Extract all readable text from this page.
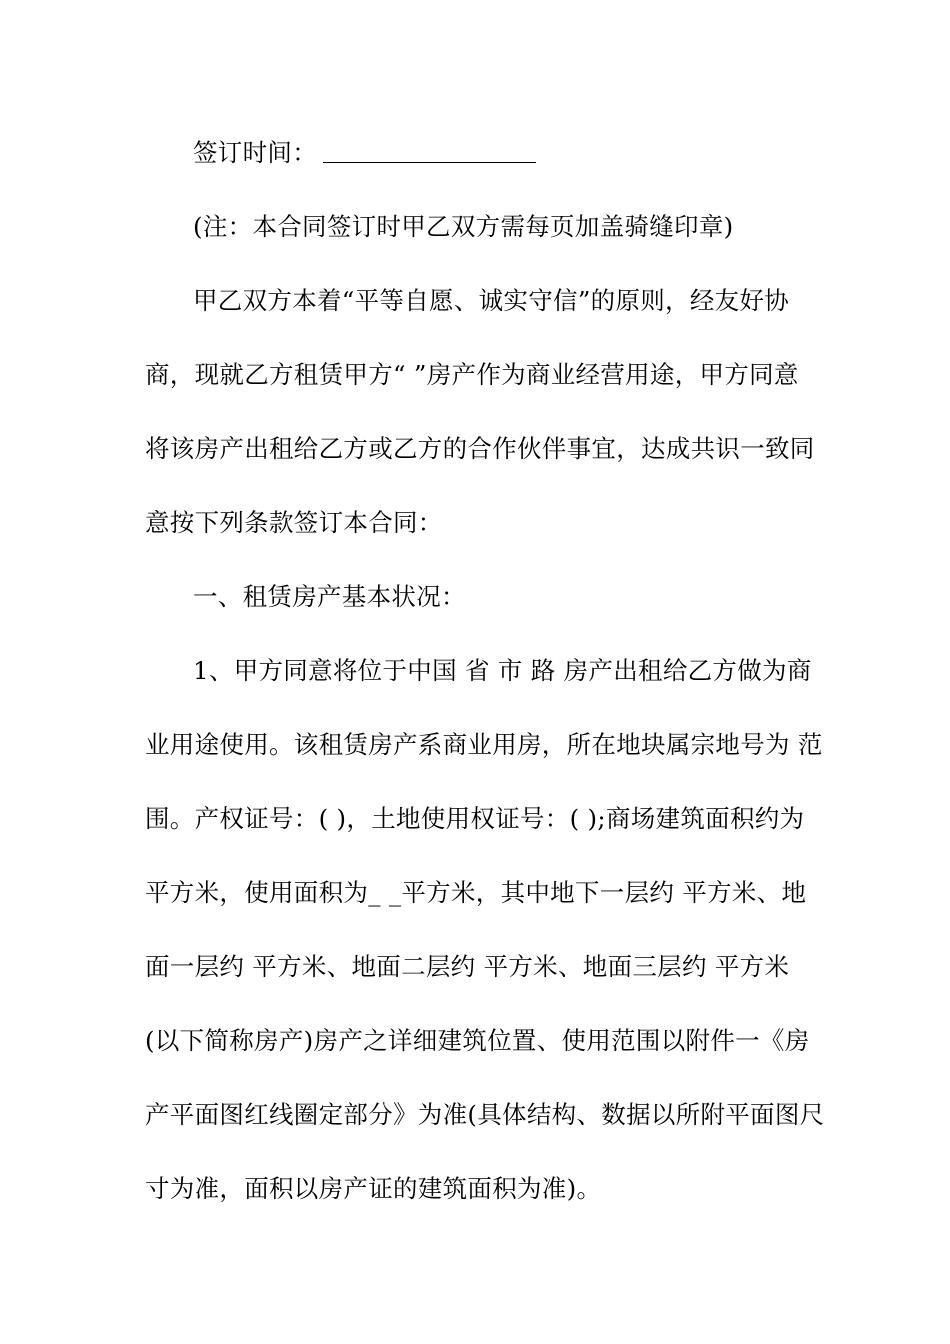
签订时间：
(注：本合同签订时甲乙双方需每页加盖骑缝印章)
甲乙双方本着“平等自愿、诚实守信”的原则，经友好协
商，现就乙方租赁甲方“ ”房产作为商业经营用途，甲方同意
将该房产出租给乙方或乙方的合作伙伴事宜，达成共识一致同
意按下列条款签订本合同：
一、租赁房产基本状况：
1、甲方同意将位于中国 省 市 路 房产出租给乙方做为商
业用途使用。该租赁房产系商业用房，所在地块属宗地号为 范
围。产权证号：( )，土地使用权证号：( );商场建筑面积约为
平方米，使用面积为_ _平方米，其中地下一层约 平方米、地
面一层约 平方米、地面二层约 平方米、地面三层约 平方米
(以下简称房产)房产之详细建筑位置、使用范围以附件一《房
产平面图红线圈定部分》为准(具体结构、数据以所附平面图尺
寸为准，面积以房产证的建筑面积为准)。
